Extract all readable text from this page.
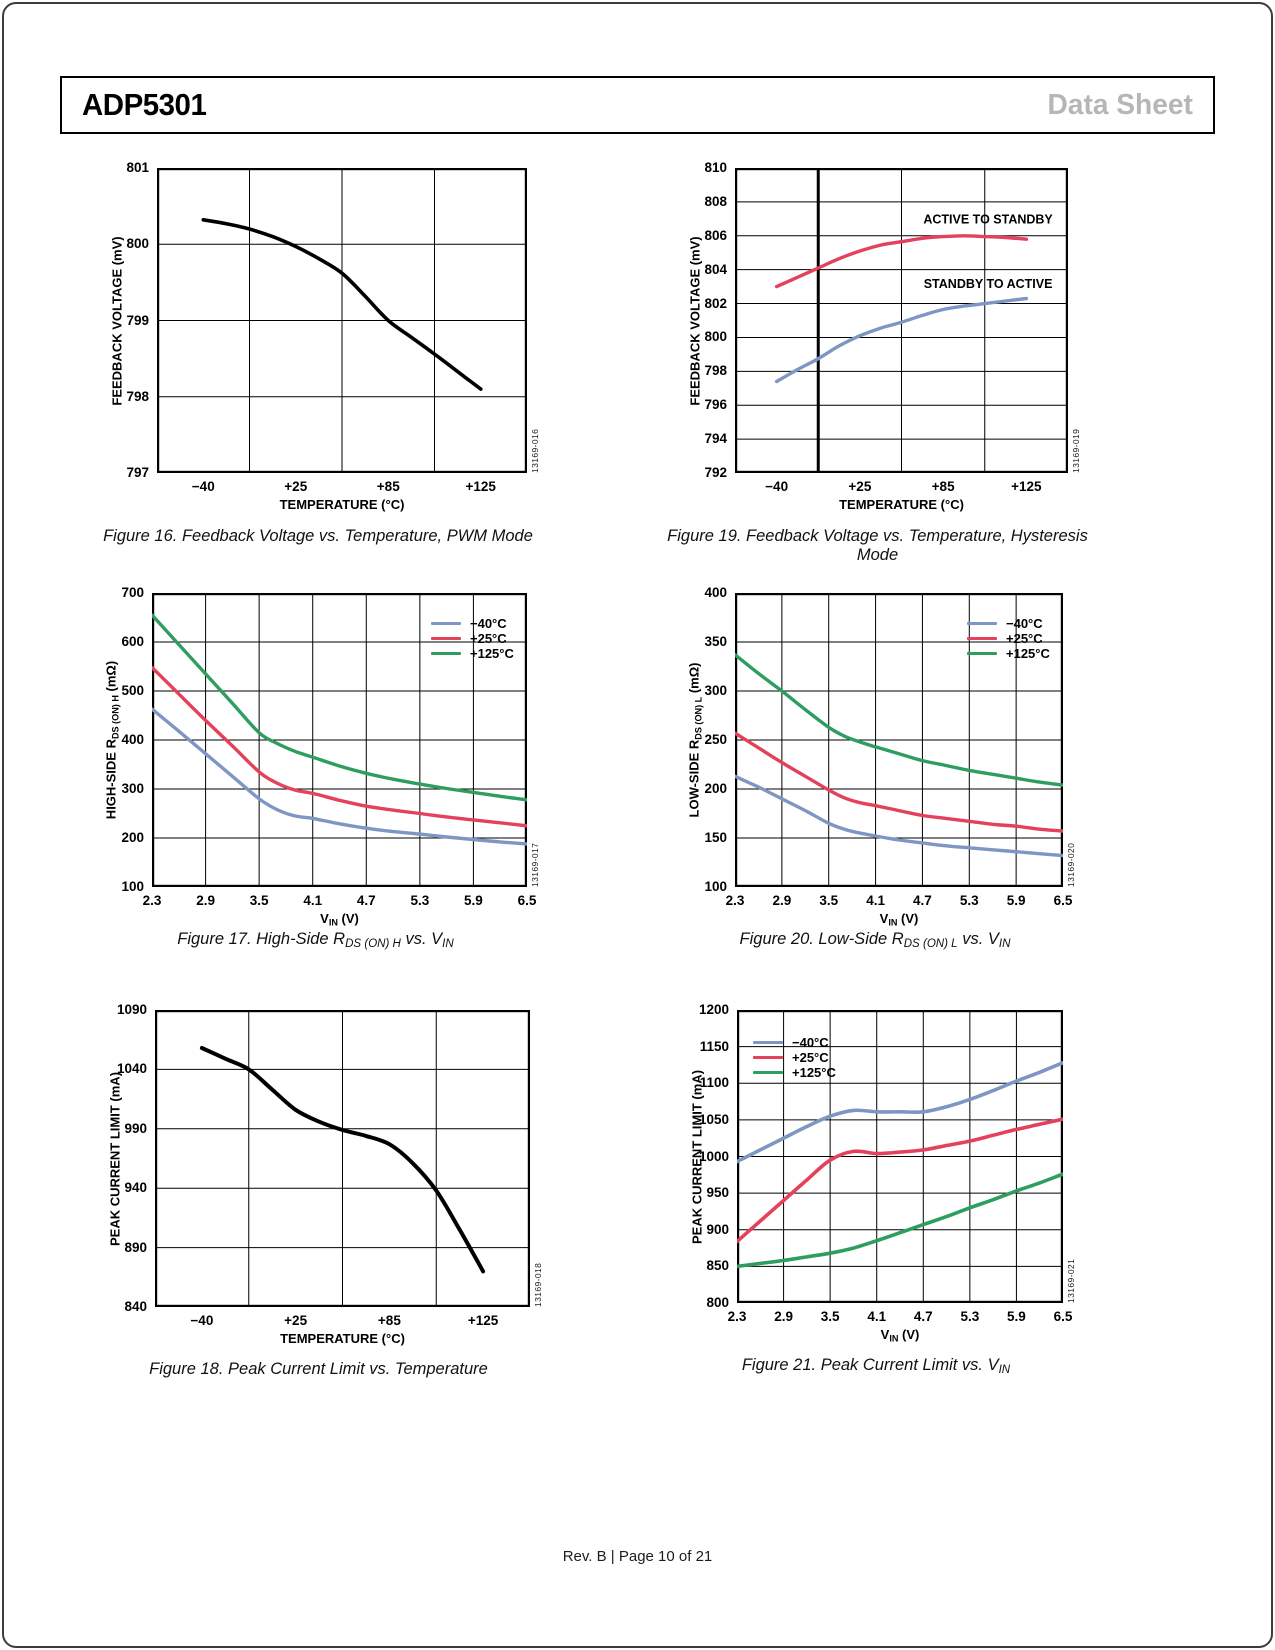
ADP5301	Data Sheet
FEEDBACK VOLTAGE (mV)
797
798
799
800
801
−40	+25	+85	+125
TEMPERATURE (°C)
13169-016
Figure 16. Feedback Voltage vs. Temperature, PWM Mode
FEEDBACK VOLTAGE (mV)
792
794
796
798
800
802
804
806
808
810
ACTIVE TO STANDBY
STANDBY TO ACTIVE
−40	+25	+85	+125
TEMPERATURE (°C)
13169-019
Figure 19. Feedback Voltage vs. Temperature, Hysteresis Mode
HIGH-SIDE $R_{DS (ON) H}$ (mΩ)
100
200
300
400
500
600
700
2.3	2.9	3.5	4.1	4.7	5.3	5.9	6.5
$V_{IN}$ (V)
−40°C
+25°C
+125°C
13169-017
Figure 17. High-Side $R_{DS (ON) H}$ vs. $V_{IN}$
LOW-SIDE $R_{DS (ON) L}$ (mΩ)
100
150
200
250
300
350
400
2.3	2.9	3.5	4.1	4.7	5.3	5.9	6.5
$V_{IN}$ (V)
−40°C
+25°C
+125°C
13169-020
Figure 20. Low-Side $R_{DS (ON) L}$ vs. $V_{IN}$
PEAK CURRENT LIMIT (mA)
840
890
940
990
1040
1090
−40	+25	+85	+125
TEMPERATURE (°C)
13169-018
Figure 18. Peak Current Limit vs. Temperature
PEAK CURRENT LIMIT (mA)
800
850
900
950
1000
1050
1100
1150
1200
2.3	2.9	3.5	4.1	4.7	5.3	5.9	6.5
$V_{IN}$ (V)
−40°C
+25°C
+125°C
13169-021
Figure 21. Peak Current Limit vs. $V_{IN}$
Rev. B | Page 10 of 21
